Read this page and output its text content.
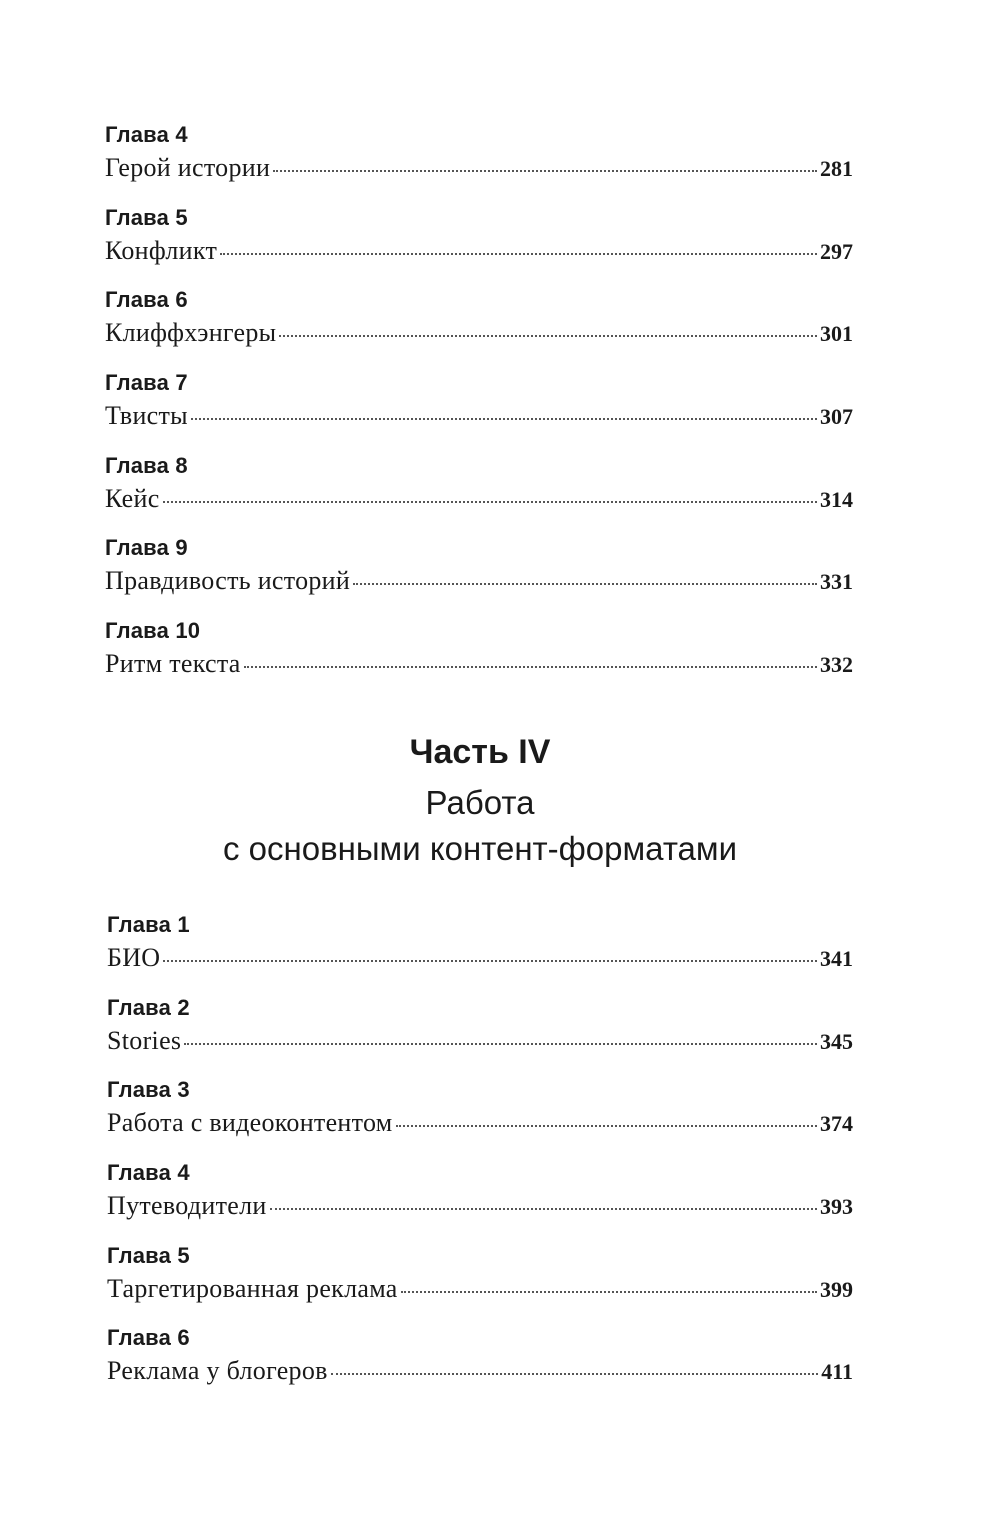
Глава 4
Герой истории	281
Глава 5
Конфликт	297
Глава 6
Клиффхэнгеры	301
Глава 7
Твисты	307
Глава 8
Кейс	314
Глава 9
Правдивость историй	331
Глава 10
Ритм текста	332
Часть IV
Работа
с основными контент-форматами
Глава 1
БИО	341
Глава 2
Stories	345
Глава 3
Работа с видеоконтентом	374
Глава 4
Путеводители	393
Глава 5
Таргетированная реклама	399
Глава 6
Реклама у блогеров	411
